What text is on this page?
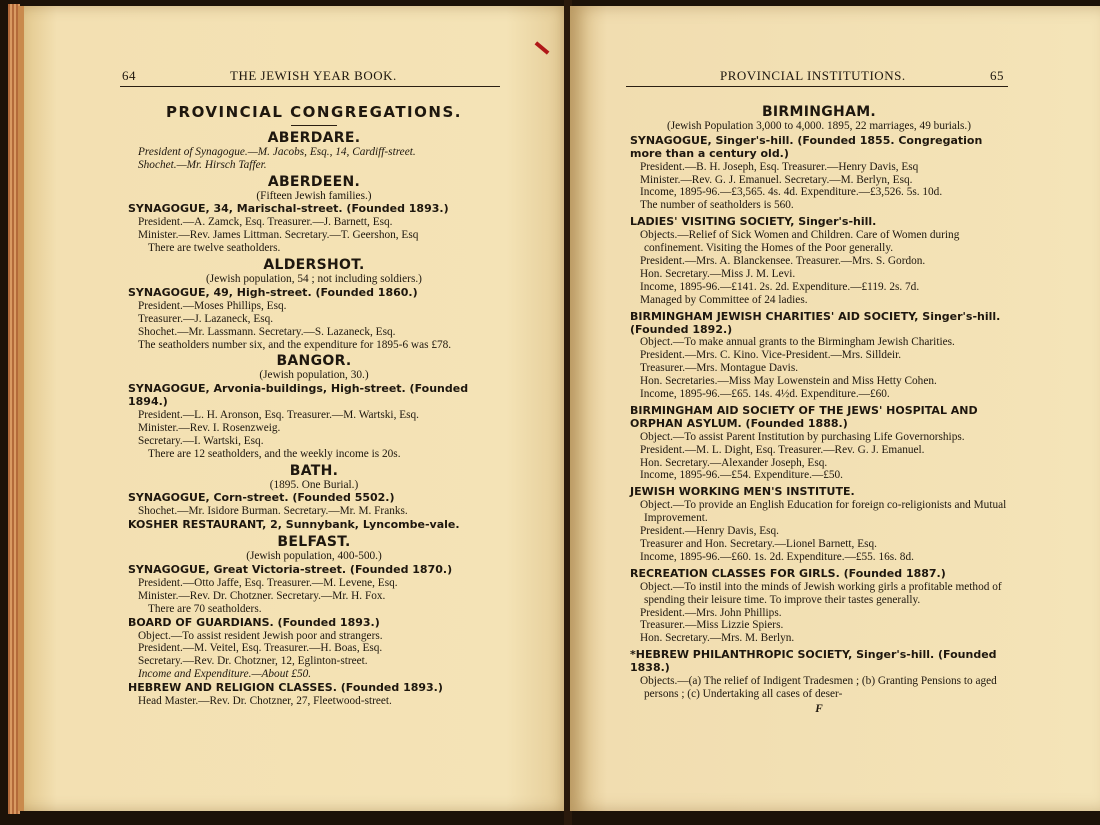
64	THE JEWISH YEAR BOOK.
PROVINCIAL CONGREGATIONS.
ABERDARE.
President of Synagogue.—M. Jacobs, Esq., 14, Cardiff-street.
Shochet.—Mr. Hirsch Taffer.
ABERDEEN.
(Fifteen Jewish families.)
SYNAGOGUE, 34, Marischal-street. (Founded 1893.)
President.—A. Zamck, Esq. Treasurer.—J. Barnett, Esq.
Minister.—Rev. James Littman. Secretary.—T. Geershon, Esq
There are twelve seatholders.
ALDERSHOT.
(Jewish population, 54 ; not including soldiers.)
SYNAGOGUE, 49, High-street. (Founded 1860.)
President.—Moses Phillips, Esq.
Treasurer.—J. Lazaneck, Esq.
Shochet.—Mr. Lassmann. Secretary.—S. Lazaneck, Esq.
The seatholders number six, and the expenditure for 1895-6 was £78.
BANGOR.
(Jewish population, 30.)
SYNAGOGUE, Arvonia-buildings, High-street. (Founded 1894.)
President.—L. H. Aronson, Esq. Treasurer.—M. Wartski, Esq.
Minister.—Rev. I. Rosenzweig.
Secretary.—I. Wartski, Esq.
There are 12 seatholders, and the weekly income is 20s.
BATH.
(1895. One Burial.)
SYNAGOGUE, Corn-street. (Founded 5502.)
Shochet.—Mr. Isidore Burman. Secretary.—Mr. M. Franks.
KOSHER RESTAURANT, 2, Sunnybank, Lyncombe-vale.
BELFAST.
(Jewish population, 400-500.)
SYNAGOGUE, Great Victoria-street. (Founded 1870.)
President.—Otto Jaffe, Esq. Treasurer.—M. Levene, Esq.
Minister.—Rev. Dr. Chotzner. Secretary.—Mr. H. Fox.
There are 70 seatholders.
BOARD OF GUARDIANS. (Founded 1893.)
Object.—To assist resident Jewish poor and strangers.
President.—M. Veitel, Esq. Treasurer.—H. Boas, Esq.
Secretary.—Rev. Dr. Chotzner, 12, Eglinton-street.
Income and Expenditure.—About £50.
HEBREW AND RELIGION CLASSES. (Founded 1893.)
Head Master.—Rev. Dr. Chotzner, 27, Fleetwood-street.
PROVINCIAL INSTITUTIONS.	65
BIRMINGHAM.
(Jewish Population 3,000 to 4,000. 1895, 22 marriages, 49 burials.)
SYNAGOGUE, Singer's-hill. (Founded 1855. Congregation more than a century old.)
President.—B. H. Joseph, Esq. Treasurer.—Henry Davis, Esq
Minister.—Rev. G. J. Emanuel. Secretary.—M. Berlyn, Esq.
Income, 1895-96.—£3,565. 4s. 4d. Expenditure.—£3,526. 5s. 10d.
The number of seatholders is 560.
LADIES' VISITING SOCIETY, Singer's-hill.
Objects.—Relief of Sick Women and Children. Care of Women during confinement. Visiting the Homes of the Poor generally.
President.—Mrs. A. Blanckensee. Treasurer.—Mrs. S. Gordon.
Hon. Secretary.—Miss J. M. Levi.
Income, 1895-96.—£141. 2s. 2d. Expenditure.—£119. 2s. 7d.
Managed by Committee of 24 ladies.
BIRMINGHAM JEWISH CHARITIES' AID SOCIETY, Singer's-hill. (Founded 1892.)
Object.—To make annual grants to the Birmingham Jewish Charities.
President.—Mrs. C. Kino. Vice-President.—Mrs. Silldeir.
Treasurer.—Mrs. Montague Davis.
Hon. Secretaries.—Miss May Lowenstein and Miss Hetty Cohen.
Income, 1895-96.—£65. 14s. 4½d. Expenditure.—£60.
BIRMINGHAM AID SOCIETY OF THE JEWS' HOSPITAL AND ORPHAN ASYLUM. (Founded 1888.)
Object.—To assist Parent Institution by purchasing Life Governorships.
President.—M. L. Dight, Esq. Treasurer.—Rev. G. J. Emanuel.
Hon. Secretary.—Alexander Joseph, Esq.
Income, 1895-96.—£54. Expenditure.—£50.
JEWISH WORKING MEN'S INSTITUTE.
Object.—To provide an English Education for foreign co-religionists and Mutual Improvement.
President.—Henry Davis, Esq.
Treasurer and Hon. Secretary.—Lionel Barnett, Esq.
Income, 1895-96.—£60. 1s. 2d. Expenditure.—£55. 16s. 8d.
RECREATION CLASSES FOR GIRLS. (Founded 1887.)
Object.—To instil into the minds of Jewish working girls a profitable method of spending their leisure time. To improve their tastes generally.
President.—Mrs. John Phillips.
Treasurer.—Miss Lizzie Spiers.
Hon. Secretary.—Mrs. M. Berlyn.
*HEBREW PHILANTHROPIC SOCIETY, Singer's-hill. (Founded 1838.)
Objects.—(a) The relief of Indigent Tradesmen ; (b) Granting Pensions to aged persons ; (c) Undertaking all cases of deser-
F
